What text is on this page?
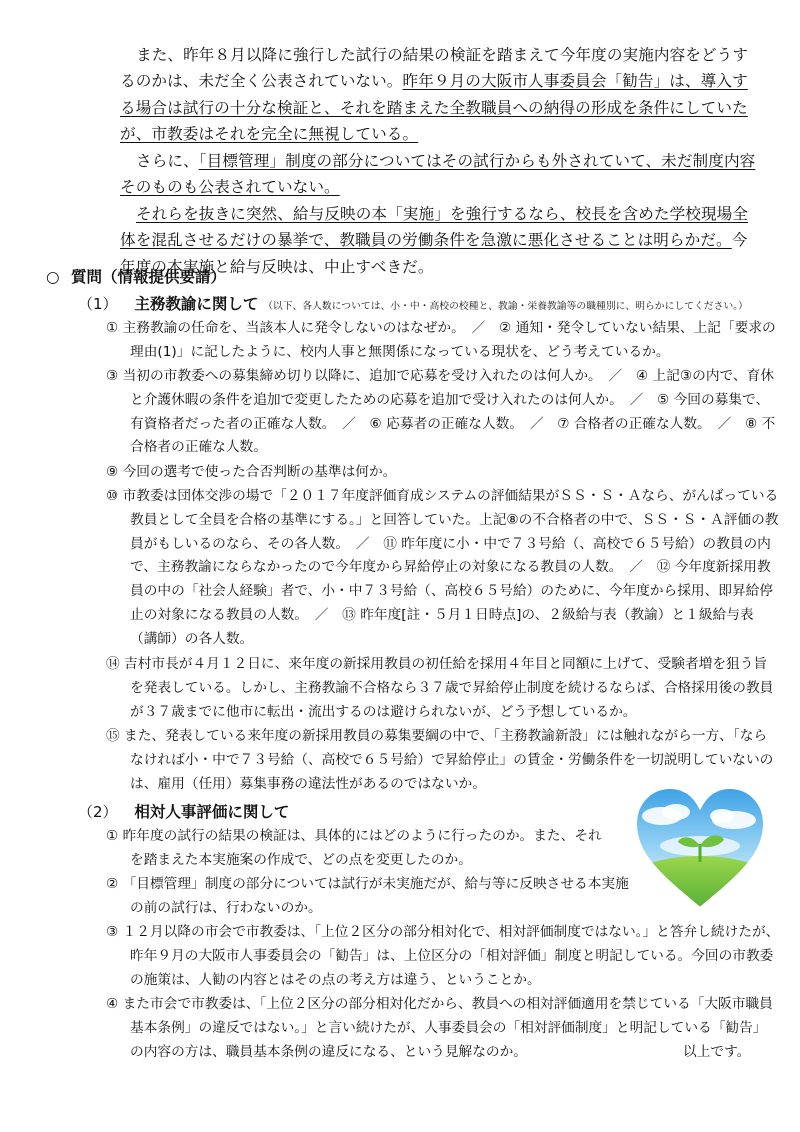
また、昨年８月以降に強行した試行の結果の検証を踏まえて今年度の実施内容をどうするのかは、未だ全く公表されていない。昨年９月の大阪市人事委員会「勧告」は、導入する場合は試行の十分な検証と、それを踏まえた全教職員への納得の形成を条件にしていたが、市教委はそれを完全に無視している。

さらに、「目標管理」制度の部分についてはその試行からも外されていて、未だ制度内容そのものも公表されていない。

それらを抜きに突然、給与反映の本「実施」を強行するなら、校長を含めた学校現場全体を混乱させるだけの暴挙で、教職員の労働条件を急激に悪化させることは明らかだ。今年度の本実施と給与反映は、中止すべきだ。

○ 質問（情報提供要請）
（1） 主務教諭に関して （以下、各人数については、小・中・高校の校種と、教諭・栄養教諭等の職種別に、明らかにしてください。）

① 主務教諭の任命を、当該本人に発令しないのはなぜか。　／　② 通知・発令していない結果、上記「要求の理由(1)」に記したように、校内人事と無関係になっている現状を、どう考えているか。

③ 当初の市教委への募集締め切り以降に、追加で応募を受け入れたのは何人か。　／　④ 上記③の内で、育休と介護休暇の条件を追加で変更したための応募を追加で受け入れたのは何人か。　／　⑤ 今回の募集で、有資格者だった者の正確な人数。　／　⑥ 応募者の正確な人数。　／　⑦ 合格者の正確な人数。　／　⑧ 不合格者の正確な人数。

⑨ 今回の選考で使った合否判断の基準は何か。

⑩ 市教委は団体交渉の場で「２０１７年度評価育成システムの評価結果がＳＳ・Ｓ・Ａなら、がんばっている教員として全員を合格の基準にする。」と回答していた。上記⑧の不合格者の中で、ＳＳ・Ｓ・Ａ評価の教員がもしいるのなら、その各人数。　／　⑪ 昨年度に小・中で７３号給（、高校で６５号給）の教員の内で、主務教諭にならなかったので今年度から昇給停止の対象になる教員の人数。　／　⑫ 今年度新採用教員の中の「社会人経験」者で、小・中７３号給（、高校６５号給）のために、今年度から採用、即昇給停止の対象になる教員の人数。　／　⑬ 昨年度[註・５月１日時点]の、２級給与表（教諭）と１級給与表（講師）の各人数。

⑭ 吉村市長が４月１２日に、来年度の新採用教員の初任給を採用４年目と同額に上げて、受験者増を狙う旨を発表している。しかし、主務教諭不合格なら３７歳で昇給停止制度を続けるならば、合格採用後の教員が３７歳までに他市に転出・流出するのは避けられないが、どう予想しているか。

⑮ また、発表している来年度の新採用教員の募集要綱の中で、「主務教諭新設」には触れながら一方、「ならなければ小・中で７３号給（、高校で６５号給）で昇給停止」の賃金・労働条件を一切説明していないのは、雇用（任用）募集事務の違法性があるのではないか。

（2） 相対人事評価に関して

① 昨年度の試行の結果の検証は、具体的にはどのように行ったのか。また、それを踏まえた本実施案の作成で、どの点を変更したのか。

② 「目標管理」制度の部分については試行が未実施だが、給与等に反映させる本実施の前の試行は、行わないのか。

③ １２月以降の市会で市教委は、「上位２区分の部分相対化で、相対評価制度ではない。」と答弁し続けたが、昨年９月の大阪市人事委員会の「勧告」は、上位区分の「相対評価」制度と明記している。今回の市教委の施策は、人勧の内容とはその点の考え方は違う、ということか。

④ また市会で市教委は、「上位２区分の部分相対化だから、教員への相対評価適用を禁じている「大阪市職員基本条例」の違反ではない。」と言い続けたが、人事委員会の「相対評価制度」と明記している「勧告」の内容の方は、職員基本条例の違反になる、という見解なのか。	以上です。
